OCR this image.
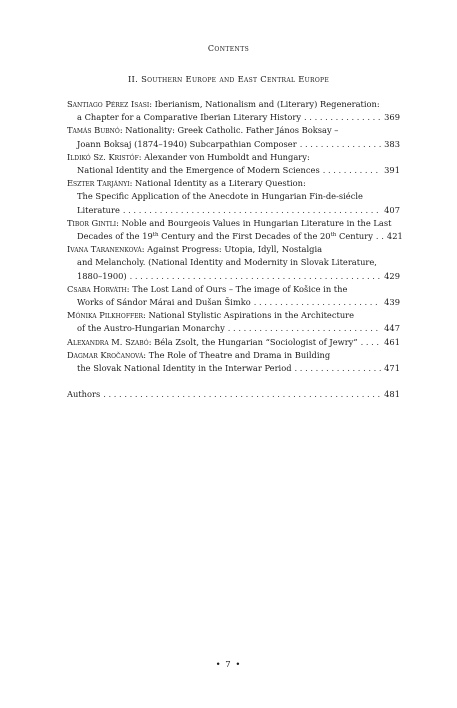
Contents
II. Southern Europe and East Central Europe
Santiago Pérez Isasi: Iberianism, Nationalism and (Literary) Regeneration:
a Chapter for a Comparative Iberian Literary History . . .	369
Tamás Bubnó: Nationality: Greek Catholic. Father János Boksay –
Joann Boksaj (1874–1940) Subcarpathian Composer . . .	383
Ildikó Sz. Kristóf: Alexander von Humboldt and Hungary:
National Identity and the Emergence of Modern Sciences . . .	391
Eszter Tarjányi: National Identity as a Literary Question:
The Specific Application of the Anecdote in Hungarian Fin-de-siécle
Literature . . .	407
Tibor Gintli: Noble and Bourgeois Values in Hungarian Literature in the Last
Decades of the 19th Century and the First Decades of the 20th Century . . . 421
Ivana Taranenková: Against Progress: Utopia, Idyll, Nostalgia
and Melancholy. (National Identity and Modernity in Slovak Literature,
1880–1900) . . .	429
Csaba Horváth: The Lost Land of Ours – The image of Košice in the
Works of Sándor Márai and Dušan Šimko . . .	439
Mónika Pilkhoffer: National Stylistic Aspirations in the Architecture
of the Austro-Hungarian Monarchy . . .	447
Alexandra M. Szabó: Béla Zsolt, the Hungarian “Sociologist of Jewry” . . .	461
Dagmar Kročanová: The Role of Theatre and Drama in Building
the Slovak National Identity in the Interwar Period . . .	471
Authors . . .	481
• 7 •
